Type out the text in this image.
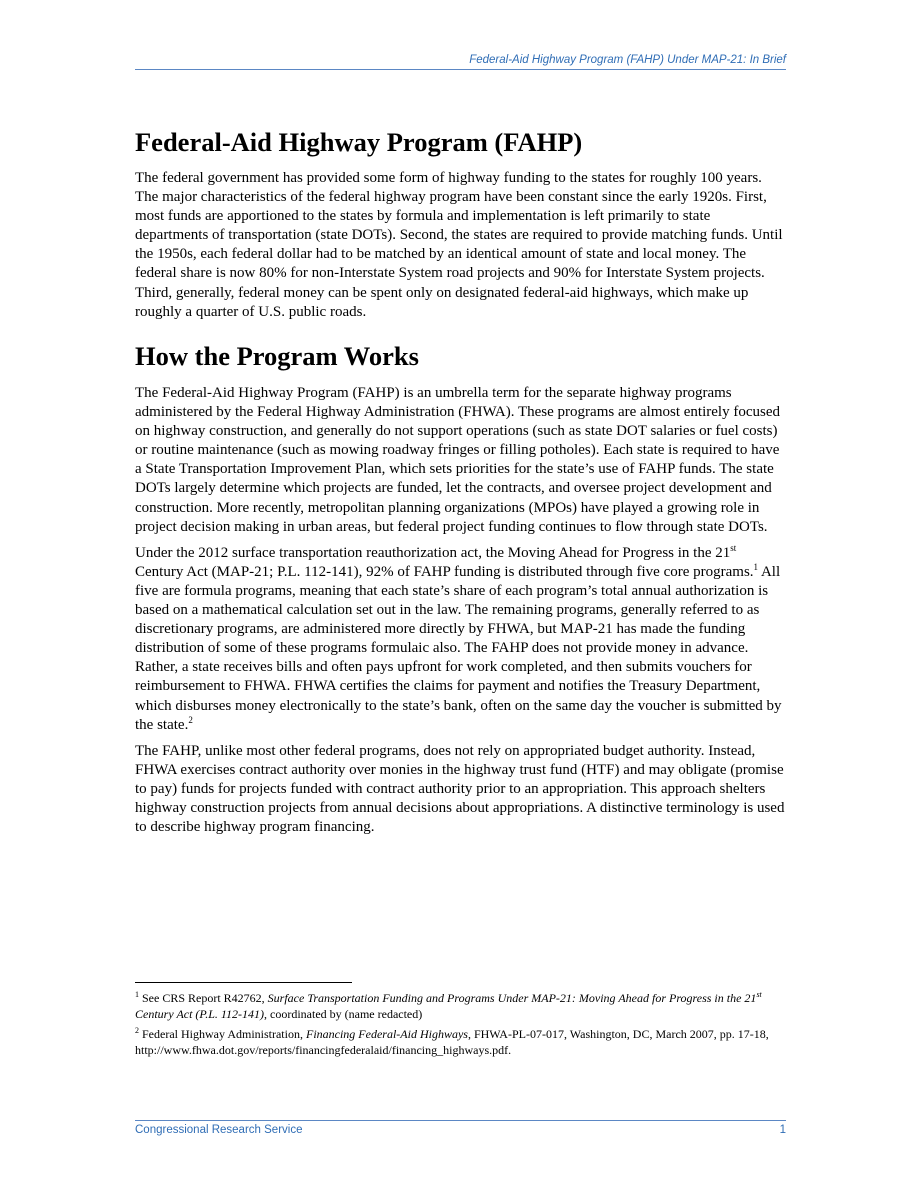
Federal-Aid Highway Program (FAHP) Under MAP-21: In Brief
Federal-Aid Highway Program (FAHP)

The federal government has provided some form of highway funding to the states for roughly 100 years. The major characteristics of the federal highway program have been constant since the early 1920s. First, most funds are apportioned to the states by formula and implementation is left primarily to state departments of transportation (state DOTs). Second, the states are required to provide matching funds. Until the 1950s, each federal dollar had to be matched by an identical amount of state and local money. The federal share is now 80% for non-Interstate System road projects and 90% for Interstate System projects. Third, generally, federal money can be spent only on designated federal-aid highways, which make up roughly a quarter of U.S. public roads.

How the Program Works

The Federal-Aid Highway Program (FAHP) is an umbrella term for the separate highway programs administered by the Federal Highway Administration (FHWA). These programs are almost entirely focused on highway construction, and generally do not support operations (such as state DOT salaries or fuel costs) or routine maintenance (such as mowing roadway fringes or filling potholes). Each state is required to have a State Transportation Improvement Plan, which sets priorities for the state’s use of FAHP funds. The state DOTs largely determine which projects are funded, let the contracts, and oversee project development and construction. More recently, metropolitan planning organizations (MPOs) have played a growing role in project decision making in urban areas, but federal project funding continues to flow through state DOTs.

Under the 2012 surface transportation reauthorization act, the Moving Ahead for Progress in the 21st Century Act (MAP-21; P.L. 112-141), 92% of FAHP funding is distributed through five core programs.$^1$ All five are formula programs, meaning that each state’s share of each program’s total annual authorization is based on a mathematical calculation set out in the law. The remaining programs, generally referred to as discretionary programs, are administered more directly by FHWA, but MAP-21 has made the funding distribution of some of these programs formulaic also. The FAHP does not provide money in advance. Rather, a state receives bills and often pays upfront for work completed, and then submits vouchers for reimbursement to FHWA. FHWA certifies the claims for payment and notifies the Treasury Department, which disburses money electronically to the state’s bank, often on the same day the voucher is submitted by the state.$^2$

The FAHP, unlike most other federal programs, does not rely on appropriated budget authority. Instead, FHWA exercises contract authority over monies in the highway trust fund (HTF) and may obligate (promise to pay) funds for projects funded with contract authority prior to an appropriation. This approach shelters highway construction projects from annual decisions about appropriations. A distinctive terminology is used to describe highway program financing.

$^1$ See CRS Report R42762, Surface Transportation Funding and Programs Under MAP-21: Moving Ahead for Progress in the 21st Century Act (P.L. 112-141), coordinated by (name redacted)

$^2$ Federal Highway Administration, Financing Federal-Aid Highways, FHWA-PL-07-017, Washington, DC, March 2007, pp. 17-18, http://www.fhwa.dot.gov/reports/financingfederalaid/financing_highways.pdf.

Congressional Research Service	1
